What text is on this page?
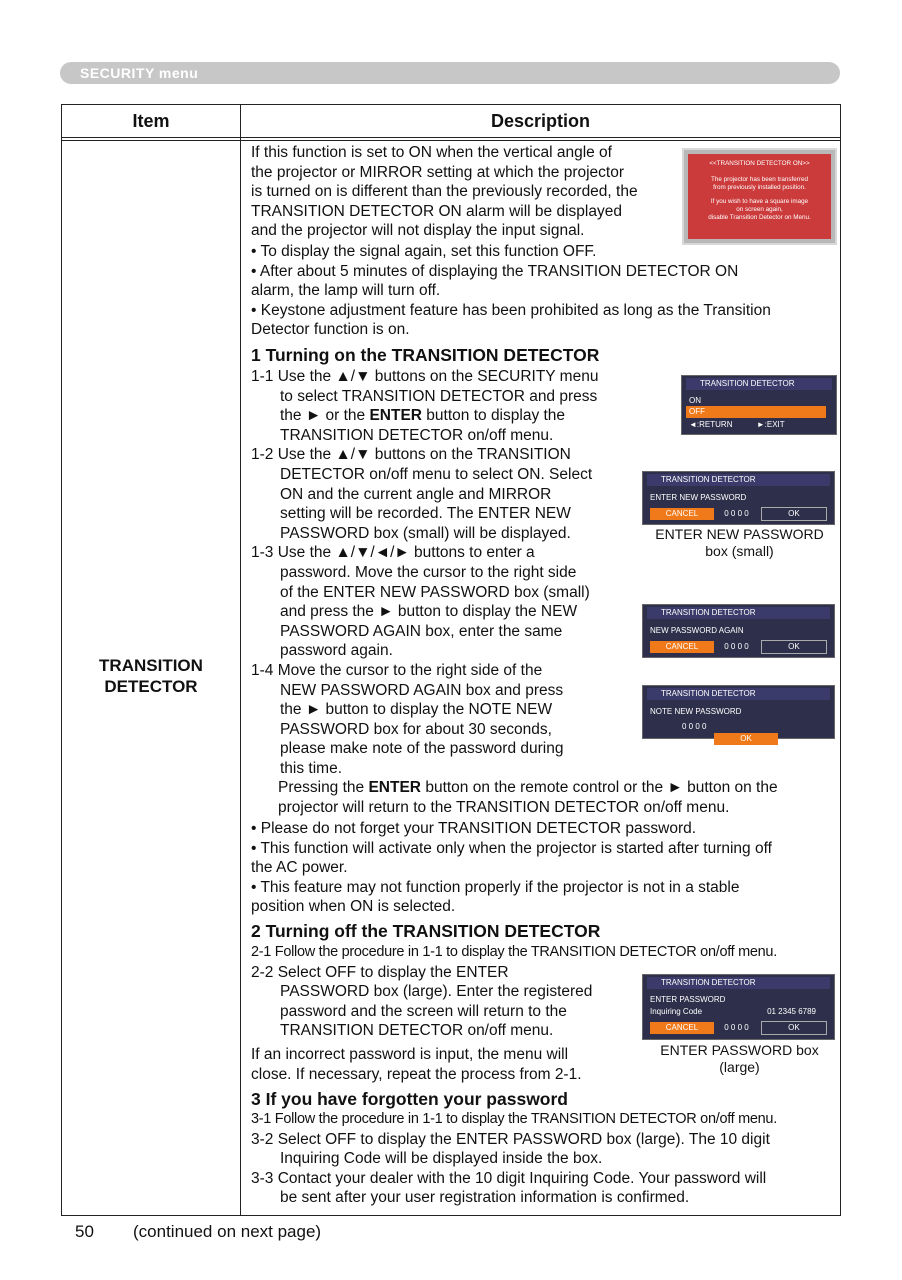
SECURITY menu
Item	Description
TRANSITION
DETECTOR
If this function is set to ON when the vertical angle of
the projector or MIRROR setting at which the projector
is turned on is different than the previously recorded, the
TRANSITION DETECTOR ON alarm will be displayed
and the projector will not display the input signal.
• To display the signal again, set this function OFF.
• After about 5 minutes of displaying the TRANSITION DETECTOR ON
alarm, the lamp will turn off.
• Keystone adjustment feature has been prohibited as long as the Transition
Detector function is on.
<<TRANSITION DETECTOR ON>>
The projector has been transferred
from previously installed position.
If you wish to have a square image
on screen again,
disable Transition Detector on Menu.
1 Turning on the TRANSITION DETECTOR
1-1 Use the ▲/▼ buttons on the SECURITY menu
to select TRANSITION DETECTOR and press
the ► or the ENTER button to display the
TRANSITION DETECTOR on/off menu.
1-2 Use the ▲/▼ buttons on the TRANSITION
DETECTOR on/off menu to select ON. Select
ON and the current angle and MIRROR
setting will be recorded. The ENTER NEW
PASSWORD box (small) will be displayed.
1-3 Use the ▲/▼/◄/► buttons to enter a
password. Move the cursor to the right side
of the ENTER NEW PASSWORD box (small)
and press the ► button to display the NEW
PASSWORD AGAIN box, enter the same
password again.
1-4 Move the cursor to the right side of the
NEW PASSWORD AGAIN box and press
the ► button to display the NOTE NEW
PASSWORD box for about 30 seconds,
please make note of the password during
this time.
Pressing the ENTER button on the remote control or the ► button on the
projector will return to the TRANSITION DETECTOR on/off menu.
• Please do not forget your TRANSITION DETECTOR password.
• This function will activate only when the projector is started after turning off
the AC power.
• This feature may not function properly if the projector is not in a stable
position when ON is selected.
TRANSITION DETECTOR
ON
OFF
◄:RETURN	►:EXIT
TRANSITION DETECTOR
ENTER NEW PASSWORD
CANCEL	0 0 0 0	OK
ENTER NEW PASSWORD
box (small)
TRANSITION DETECTOR
NEW PASSWORD AGAIN
CANCEL	0 0 0 0	OK
TRANSITION DETECTOR
NOTE NEW PASSWORD
0 0 0 0 OK
2 Turning off the TRANSITION DETECTOR
2-1 Follow the procedure in 1-1 to display the TRANSITION DETECTOR on/off menu.
2-2 Select OFF to display the ENTER
PASSWORD box (large). Enter the registered
password and the screen will return to the
TRANSITION DETECTOR on/off menu.
If an incorrect password is input, the menu will
close. If necessary, repeat the process from 2-1.
TRANSITION DETECTOR
ENTER PASSWORD
Inquiring Code	01 2345 6789
CANCEL	0 0 0 0	OK
ENTER PASSWORD box
(large)
3 If you have forgotten your password
3-1 Follow the procedure in 1-1 to display the TRANSITION DETECTOR on/off menu.
3-2 Select OFF to display the ENTER PASSWORD box (large). The 10 digit
Inquiring Code will be displayed inside the box.
3-3 Contact your dealer with the 10 digit Inquiring Code. Your password will
be sent after your user registration information is confirmed.
50 (continued on next page)
